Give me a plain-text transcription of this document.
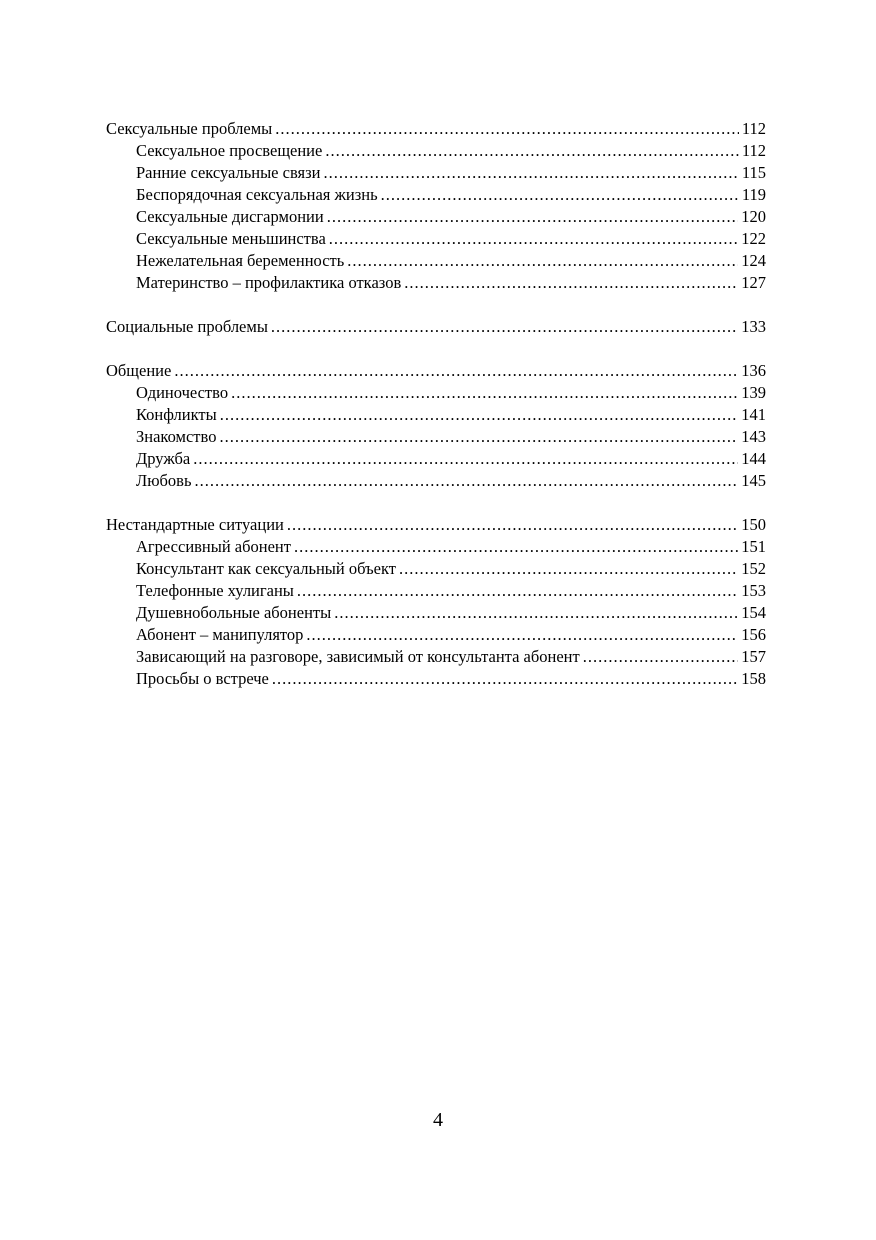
Сексуальные проблемы .....	112
Сексуальное просвещение .....	112
Ранние сексуальные связи .....	115
Беспорядочная сексуальная жизнь .....	119
Сексуальные дисгармонии .....	120
Сексуальные меньшинства .....	122
Нежелательная беременность .....	124
Материнство – профилактика отказов .....	127
Социальные проблемы .....	133
Общение .....	136
Одиночество .....	139
Конфликты .....	141
Знакомство .....	143
Дружба .....	144
Любовь .....	145
Нестандартные ситуации .....	150
Агрессивный абонент .....	151
Консультант как сексуальный объект .....	152
Телефонные хулиганы .....	153
Душевнобольные абоненты .....	154
Абонент – манипулятор .....	156
Зависающий на разговоре, зависимый от консультанта абонент .....	157
Просьбы о встрече .....	158
4
